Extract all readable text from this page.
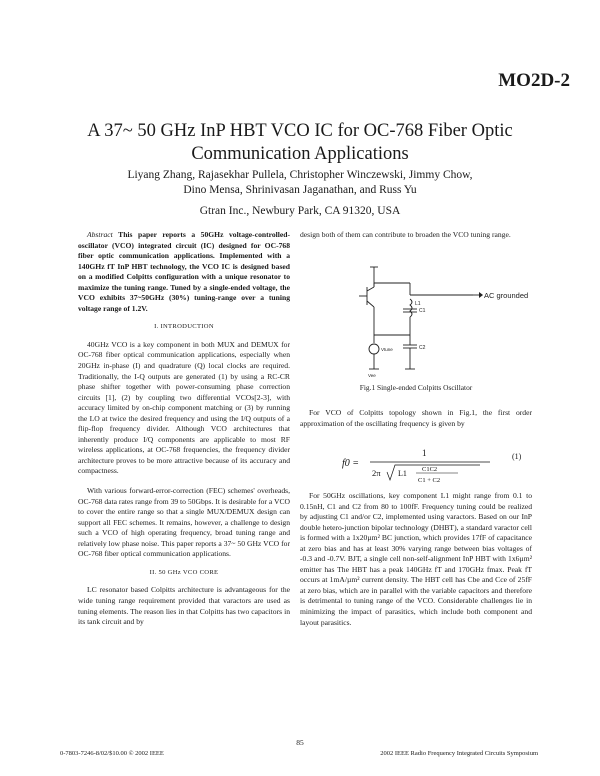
MO2D-2
A 37~ 50 GHz InP HBT VCO IC for OC-768 Fiber Optic Communication Applications
Liyang Zhang, Rajasekhar Pullela, Christopher Winczewski, Jimmy Chow,
Dino Mensa, Shrinivasan Jaganathan, and Russ Yu
Gtran Inc., Newbury Park, CA 91320, USA

Abstract This paper reports a 50GHz voltage-controlled-oscillator (VCO) integrated circuit (IC) designed for OC-768 fiber optic communication applications. Implemented with a 140GHz fT InP HBT technology, the VCO IC is designed based on a modified Colpitts configuration with a unique resonator to maximize the tuning range. Tuned by a single-ended voltage, the VCO exhibits 37~50GHz (30%) tuning-range over a tuning voltage range of 1.2V.

I. INTRODUCTION

40GHz VCO is a key component in both MUX and DEMUX for OC-768 fiber optical communication applications, especially when 20GHz in-phase (I) and quadrature (Q) local clocks are required. Traditionally, the I-Q outputs are generated (1) by using a RC-CR phase shifter together with power-consuming phase correction circuits [1], (2) by coupling two differential VCOs[2-3], with accuracy limited by on-chip component matching or (3) by running the LO at twice the desired frequency and using the I/Q outputs of a flip-flop frequency divider. Although VCO architectures that inherently produce I/Q components are applicable to most RF wireless applications, at OC-768 frequencies, the frequency divider architecture proves to be more attractive because of its accuracy and compactness.

With various forward-error-correction (FEC) schemes' overheads, OC-768 data rates range from 39 to 50Gbps. It is desirable for a VCO to cover the entire range so that a single MUX/DEMUX design can support all FEC schemes. It remains, however, a challenge to design such a VCO of high operating frequency, broad tuning range and relatively low phase noise. This paper reports a 37~ 50 GHz VCO for OC-768 fiber optical communication applications.

II. 50 GHz VCO CORE

LC resonator based Colpitts architecture is advantageous for the wide tuning range requirement provided that varactors are used as tuning elements. The reason lies in that Colpitts has two capacitors in its tank circuit and by

design both of them can contribute to broaden the VCO tuning range.
AC grounded
L1
C1
C2
Vtune
Vee
Fig.1 Single-ended Colpitts Oscillator
For VCO of Colpitts topology shown in Fig.1, the first order approximation of the oscillating frequency is given by
f0 =
1
2π L1 C1C2
C1 + C2
(1)
For 50GHz oscillations, key component L1 might range from 0.1 to 0.15nH, C1 and C2 from 80 to 100fF. Frequency tuning could be realized by adjusting C1 and/or C2, implemented using varactors. Based on our InP double hetero-junction bipolar technology (DHBT), a standard varactor cell is formed with a 1x20µm² BC junction, which provides 17fF of capacitance at zero bias and has at least 30% varying range between bias voltages of -0.3 and -0.7V. BJT, a single cell non-self-alignment InP HBT with 1x6µm² emitter has The HBT has a peak 140GHz fT and 170GHz fmax. Peak fT occurs at 1mA/µm² current density. The HBT cell has Cbe and Cce of 25fF at zero bias, which are in parallel with the variable capacitors and therefore is detrimental to tuning range of the VCO. Considerable challenges lie in minimizing the impact of parasitics, which include both component and layout parasitics.
85
0-7803-7246-8/02/$10.00 © 2002 IEEE	2002 IEEE Radio Frequency Integrated Circuits Symposium
